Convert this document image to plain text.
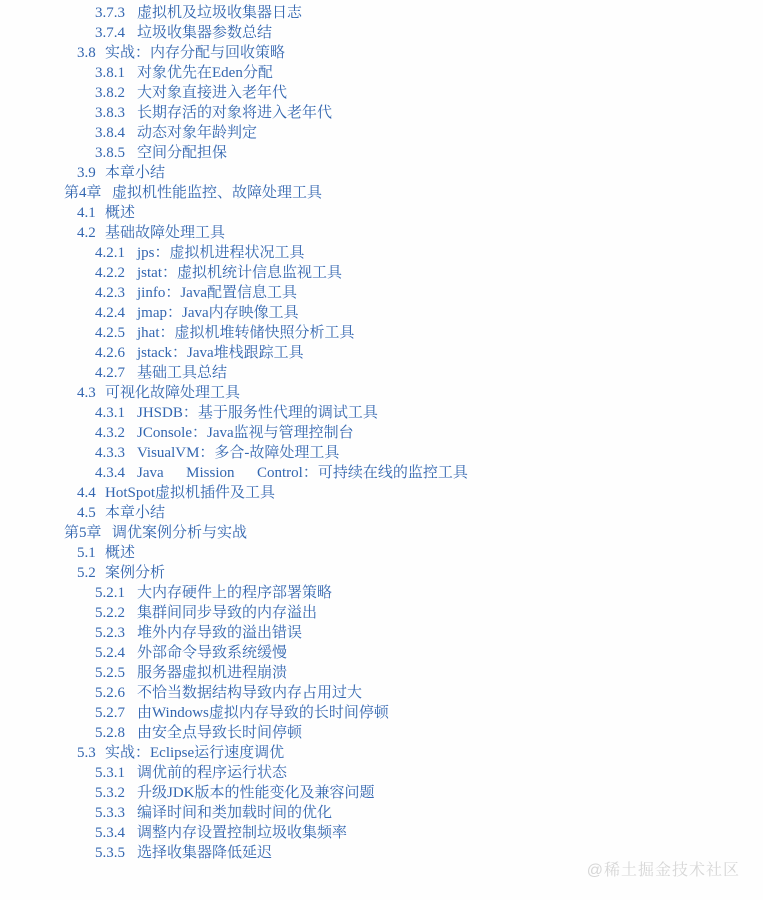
3.7.3 虚拟机及垃圾收集器日志
3.7.4 垃圾收集器参数总结
3.8 实战：内存分配与回收策略
3.8.1 对象优先在Eden分配
3.8.2 大对象直接进入老年代
3.8.3 长期存活的对象将进入老年代
3.8.4 动态对象年龄判定
3.8.5 空间分配担保
3.9 本章小结
第4章 虚拟机性能监控、故障处理工具
4.1 概述
4.2 基础故障处理工具
4.2.1 jps：虚拟机进程状况工具
4.2.2 jstat：虚拟机统计信息监视工具
4.2.3 jinfo：Java配置信息工具
4.2.4 jmap：Java内存映像工具
4.2.5 jhat：虚拟机堆转储快照分析工具
4.2.6 jstack：Java堆栈跟踪工具
4.2.7 基础工具总结
4.3 可视化故障处理工具
4.3.1 JHSDB：基于服务性代理的调试工具
4.3.2 JConsole：Java监视与管理控制台
4.3.3 VisualVM：多合-故障处理工具
4.3.4 Java  Mission  Control：可持续在线的监控工具
4.4 HotSpot虚拟机插件及工具
4.5 本章小结
第5章 调优案例分析与实战
5.1 概述
5.2 案例分析
5.2.1 大内存硬件上的程序部署策略
5.2.2 集群间同步导致的内存溢出
5.2.3 堆外内存导致的溢出错误
5.2.4 外部命令导致系统缓慢
5.2.5 服务器虚拟机进程崩溃
5.2.6 不恰当数据结构导致内存占用过大
5.2.7 由Windows虚拟内存导致的长时间停顿
5.2.8 由安全点导致长时间停顿
5.3 实战：Eclipse运行速度调优
5.3.1 调优前的程序运行状态
5.3.2 升级JDK版本的性能变化及兼容问题
5.3.3 编译时间和类加载时间的优化
5.3.4 调整内存设置控制垃圾收集频率
5.3.5 选择收集器降低延迟
@稀土掘金技术社区
